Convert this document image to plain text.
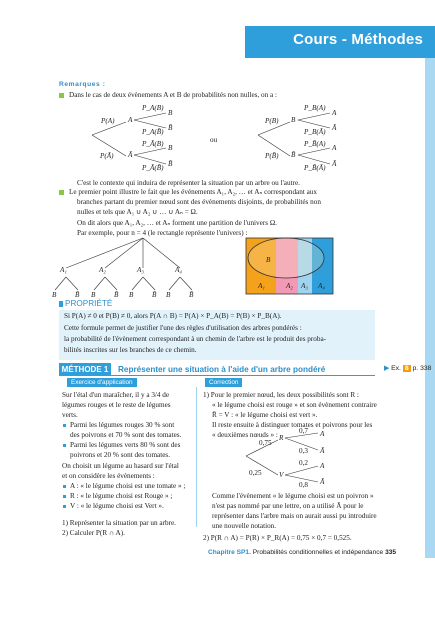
Cours - Méthodes
Remarques :
Dans le cas de deux évènements A et B de probabilités non nulles, on a :
P(A)
P(Ā)
A
Ā
P_A(B)
P_A(B̄)
P_Ā(B)
P_Ā(B̄)
B
B̄
B
B̄
ou
P(B)
P(B̄)
B
B̄
P_B(A)
P_B(Ā)
P_B̄(A)
P_B̄(Ā)
A
Ā
A
Ā
C'est le contexte qui induira de représenter la situation par un arbre ou l'autre.
Le premier point illustre le fait que les évènements A₁, A₂, … et Aₙ correspondant aux
branches partant du premier nœud sont des évènements disjoints, de probabilités non
nulles et tels que A₁ ∪ A₂ ∪ … ∪ Aₙ = Ω.
On dit alors que A₁, A₂, … et Aₙ forment une partition de l'univers Ω.
Par exemple, pour n = 4 (le rectangle représente l'univers) :
A₁	A₂	A₃	A₄
B	B̄ B	B̄ B	B̄ B	B̄
B
A₁	A₂ A₃ A₄
PROPRIÉTÉ
Si P(A) ≠ 0 et P(B) ≠ 0, alors P(A ∩ B) = P(A) × P_A(B) = P(B) × P_B(A).
Cette formule permet de justifier l'une des règles d'utilisation des arbres pondérés :
la probabilité de l'évènement correspondant à un chemin de l'arbre est le produit des proba-
bilités inscrites sur les branches de ce chemin.
MÉTHODE 1	Représenter une situation à l'aide d'un arbre pondéré	▶ Ex. 8 p. 338
Exercice d'application
Sur l'étal d'un maraîcher, il y a 3/4 de
légumes rouges et le reste de légumes
verts.
Parmi les légumes rouges 30 % sont
des poivrons et 70 % sont des tomates.
Parmi les légumes verts 80 % sont des
poivrons et 20 % sont des tomates.
On choisit un légume au hasard sur l'étal
et on considère les évènements :
A : « le légume choisi est une tomate » ;
R : « le légume choisi est Rouge » ;
V : « le légume choisi est Vert ».
1) Représenter la situation par un arbre.
2) Calculer P(R ∩ A).
Correction
1) Pour le premier nœud, les deux possibilités sont R :
« le légume choisi est rouge » et son évènement contraire
R̄ = V : « le légume choisi est vert ».
Il reste ensuite à distinguer tomates et poivrons pour les
« deuxièmes nœuds » :
0,75
0,25
R
V
0,7
0,3
0,2
0,8
A
Ā
A
Ā
Comme l'évènement « le légume choisi est un poivron »
n'est pas nommé par une lettre, on a utilisé Ā pour le
représenter dans l'arbre mais on aurait aussi pu introduire
une nouvelle notation.
2) P(R ∩ A) = P(R) × P_R(A) = 0,75 × 0,7 = 0,525.
Chapitre SP1. Probabilités conditionnelles et indépendance 335
